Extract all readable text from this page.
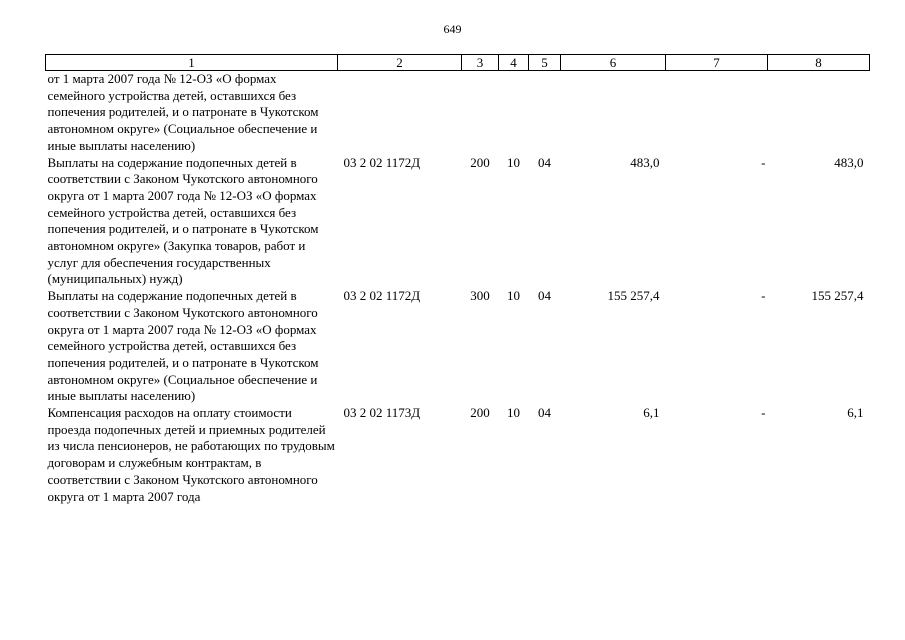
649
1	2	3	4	5	6	7	8
от 1 марта 2007 года № 12-ОЗ «О формах семейного устройства детей, оставшихся без попечения родителей, и о патронате в Чукотском автономном округе» (Социальное обеспечение и иные выплаты населению)							
Выплаты на содержание подопечных детей в соответствии с Законом Чукотского автономного округа от 1 марта 2007 года № 12-ОЗ «О формах семейного устройства детей, оставшихся без попечения родителей, и о патронате в Чукотском автономном округе» (Закупка товаров, работ и услуг для обеспечения государственных (муниципальных) нужд)	03 2 02 1172Д	200	10	04	483,0	-	483,0
Выплаты на содержание подопечных детей в соответствии с Законом Чукотского автономного округа от 1 марта 2007 года № 12-ОЗ «О формах семейного устройства детей, оставшихся без попечения родителей, и о патронате в Чукотском автономном округе» (Социальное обеспечение и иные выплаты населению)	03 2 02 1172Д	300	10	04	155 257,4	-	155 257,4
Компенсация расходов на оплату стоимости проезда подопечных детей и приемных родителей из числа пенсионеров, не работающих по трудовым договорам и служебным контрактам, в соответствии с Законом Чукотского автономного округа от 1 марта 2007 года	03 2 02 1173Д	200	10	04	6,1	-	6,1
